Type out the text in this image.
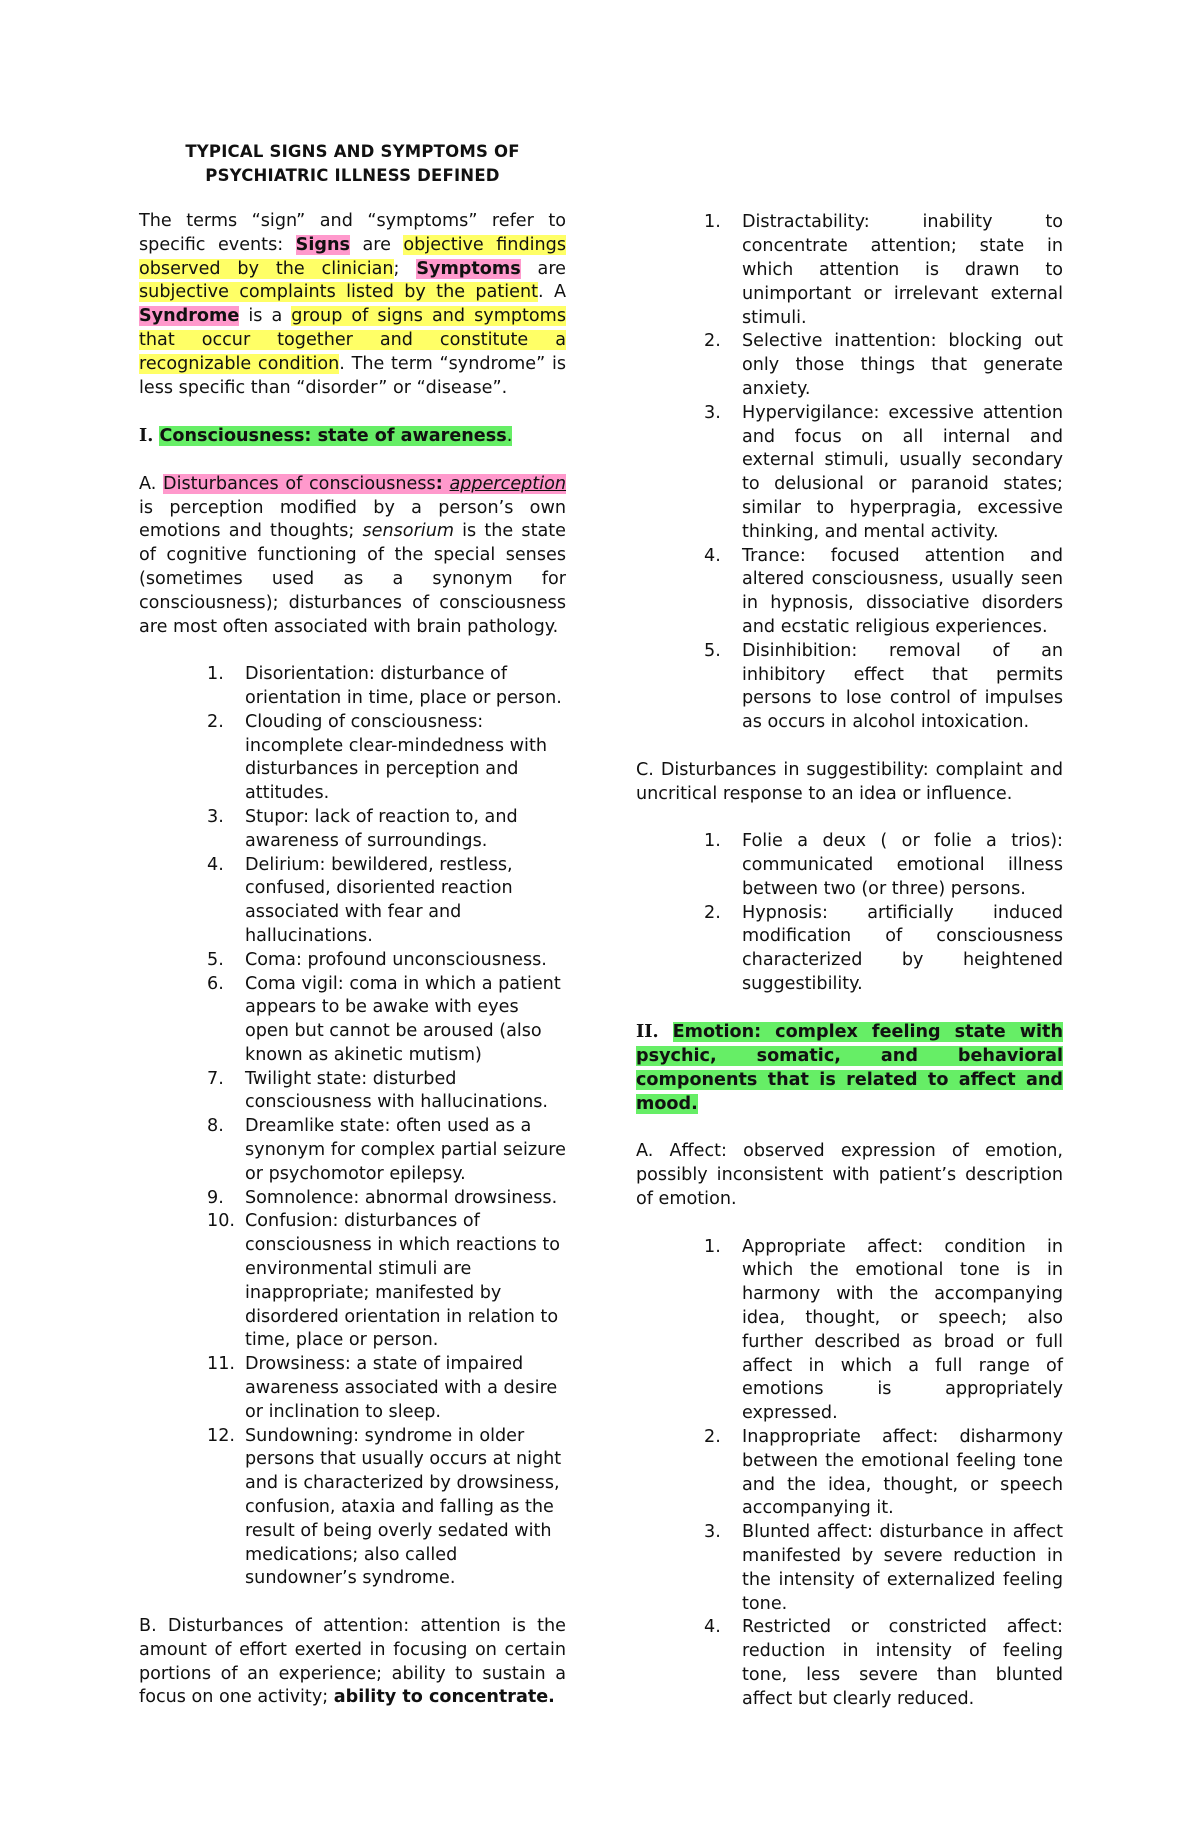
TYPICAL SIGNS AND SYMPTOMS OF
PSYCHIATRIC ILLNESS DEFINED

The terms “sign” and “symptoms” refer to specific events: Signs are objective findings observed by the clinician; Symptoms are subjective complaints listed by the patient. A Syndrome is a group of signs and symptoms that occur together and constitute a recognizable condition. The term “syndrome” is less specific than “disorder” or “disease”.

I. Consciousness: state of awareness.

A. Disturbances of consciousness: apperception is perception modified by a person’s own emotions and thoughts; sensorium is the state of cognitive functioning of the special senses (sometimes used as a synonym for consciousness); disturbances of consciousness are most often associated with brain pathology.

1.	Disorientation: disturbance of orientation in time, place or person.
2.	Clouding of consciousness: incomplete clear-mindedness with disturbances in perception and attitudes.
3.	Stupor: lack of reaction to, and awareness of surroundings.
4.	Delirium: bewildered, restless, confused, disoriented reaction associated with fear and hallucinations.
5.	Coma: profound unconsciousness.
6.	Coma vigil: coma in which a patient appears to be awake with eyes open but cannot be aroused (also known as akinetic mutism)
7.	Twilight state: disturbed consciousness with hallucinations.
8.	Dreamlike state: often used as a synonym for complex partial seizure or psychomotor epilepsy.
9.	Somnolence: abnormal drowsiness.
10. Confusion: disturbances of consciousness in which reactions to environmental stimuli are inappropriate; manifested by disordered orientation in relation to time, place or person.
11. Drowsiness: a state of impaired awareness associated with a desire or inclination to sleep.
12. Sundowning: syndrome in older persons that usually occurs at night and is characterized by drowsiness, confusion, ataxia and falling as the result of being overly sedated with medications; also called sundowner’s syndrome.

B. Disturbances of attention: attention is the amount of effort exerted in focusing on certain portions of an experience; ability to sustain a focus on one activity; ability to concentrate.

1.	Distractability: inability to concentrate attention; state in which attention is drawn to unimportant or irrelevant external stimuli.
2.	Selective inattention: blocking out only those things that generate anxiety.
3.	Hypervigilance: excessive attention and focus on all internal and external stimuli, usually secondary to delusional or paranoid states; similar to hyperpragia, excessive thinking, and mental activity.
4.	Trance: focused attention and altered consciousness, usually seen in hypnosis, dissociative disorders and ecstatic religious experiences.
5.	Disinhibition: removal of an inhibitory effect that permits persons to lose control of impulses as occurs in alcohol intoxication.

C. Disturbances in suggestibility: complaint and uncritical response to an idea or influence.

1.	Folie a deux ( or folie a trios): communicated emotional illness between two (or three) persons.
2.	Hypnosis: artificially induced modification of consciousness characterized by heightened suggestibility.

II. Emotion: complex feeling state with psychic, somatic, and behavioral components that is related to affect and mood.

A. Affect: observed expression of emotion, possibly inconsistent with patient’s description of emotion.

1.	Appropriate affect: condition in which the emotional tone is in harmony with the accompanying idea, thought, or speech; also further described as broad or full affect in which a full range of emotions is appropriately expressed.
2.	Inappropriate affect: disharmony between the emotional feeling tone and the idea, thought, or speech accompanying it.
3.	Blunted affect: disturbance in affect manifested by severe reduction in the intensity of externalized feeling tone.
4.	Restricted or constricted affect: reduction in intensity of feeling tone, less severe than blunted affect but clearly reduced.
